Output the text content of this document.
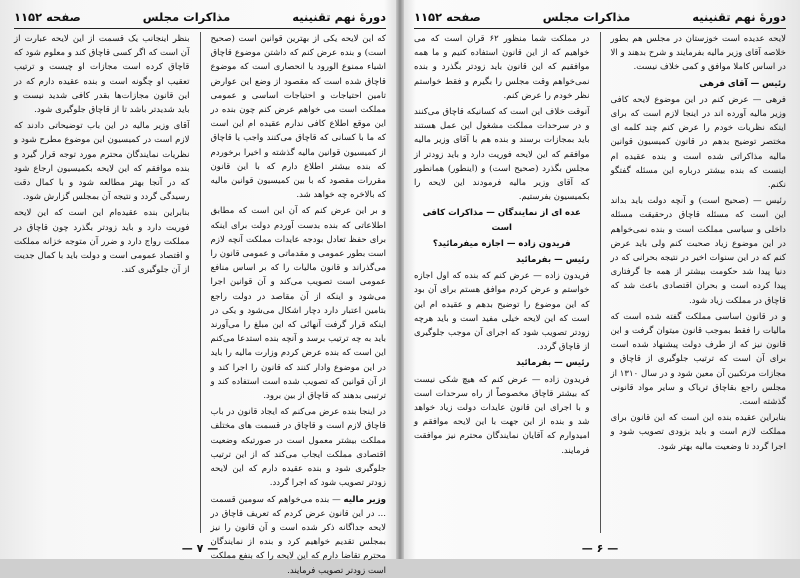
دورهٔ نهم تقنینیه
مذاکرات مجلس
صفحه ۱۱۵۲

که این لایحه یکی از بهترین قوانین است (صحیح است) و بنده عرض کنم که داشتن موضوع قاچاق اشیاء ممنوع الورود یا انحصاری است که موضوع قاچاق شده است که مقصود از وضع این عوارض تامین احتیاجات و احتیاجات اساسی و عمومی مملکت است می خواهم عرض کنم چون بنده در این موقع اطلاع کافی ندارم عقیده ام این است که ما با کسانی که قاچاق می‌کنند واجب یا قاچاق از کمیسیون قوانین مالیه گذشته و اخیرا برخوردم که بنده بیشتر اطلاع دارم که با این قانون مقررات مقصود که با بین کمیسیون قوانین مالیه که بالاخره چه خواهد شد.

و بر این عرض کنم که آن این است که مطابق اطلاعاتی که بنده بدست آوردم دولت برای اینکه برای حفظ تعادل بودجه عایدات مملکت آنچه لازم است بطور عمومی و مقدماتی و عمومی قانون را می‌گذراند و قانون مالیات را که بر اساس منافع عمومی است تصویب می‌کند و آن قوانین اجرا می‌شود و اینکه از آن مقاصد در دولت راجع بتامین اعتبار دارد دچار اشکال می‌شود و یکی در اینکه قرار گرفت آنهائی که این مبلغ را می‌آورند باید به چه ترتیب برسد و آنچه بنده استدعا می‌کنم این است که بنده عرض کردم وزارت مالیه را باید در این موضوع وادار کنند که قانون را اجرا کند و از آن قوانین که تصویب شده است استفاده کند و ترتیبی بدهند که قاچاق از بین برود.

در اینجا بنده عرض می‌کنم که ایجاد قانون در باب قاچاق لازم است و قاچاق در قسمت های مختلف مملکت بیشتر معمول است در صورتیکه وضعیت اقتصادی مملکت ایجاب می‌کند که از این ترتیب جلوگیری شود و بنده عقیده دارم که این لایحه زودتر تصویب شود که اجرا گردد.

وزیر مالیه — بنده می‌خواهم که سومین قسمت ... در این قانون عرض کردم که تعریف قاچاق در لایحه جداگانه ذکر شده است و آن قانون را نیز بمجلس تقدیم خواهیم کرد و بنده از نمایندگان محترم تقاضا دارم که این لایحه را که بنفع مملکت است زودتر تصویب فرمایند.

بنظر اینجانب یک قسمت از این لایحه عبارت از آن است که اگر کسی قاچاق کند و معلوم شود که قاچاق کرده است مجازات او چیست و ترتیب تعقیب او چگونه است و بنده عقیده دارم که در این قانون مجازات‌ها بقدر کافی شدید نیست و باید شدیدتر باشد تا از قاچاق جلوگیری شود.

آقای وزیر مالیه در این باب توضیحاتی دادند که لازم است در کمیسیون این موضوع مطرح شود و نظریات نمایندگان محترم مورد توجه قرار گیرد و بنده موافقم که این لایحه بکمیسیون ارجاع شود که در آنجا بهتر مطالعه شود و با کمال دقت رسیدگی گردد و نتیجه آن بمجلس گزارش شود.

بنابراین بنده عقیده‌ام این است که این لایحه فوریت دارد و باید زودتر بگذرد چون قاچاق در مملکت رواج دارد و ضرر آن متوجه خزانه مملکت و اقتصاد عمومی است و دولت باید با کمال جدیت از آن جلوگیری کند.

— ۷ —
دورهٔ نهم تقنینیه
مذاکرات مجلس
صفحه ۱۱۵۲

لایحه عدیده است خوزستان در مجلس هم بطور خلاصه آقای وزیر مالیه بفرمایند و شرح بدهند و الا در اساس کاملا موافق و کمی خلاف نیست.

رئیس — آقای فرهی

فرهی — عرض کنم در این موضوع لایحه کافی وزیر مالیه آورده اند در اینجا لازم است که برای اینکه نظریات خودم را عرض کنم چند کلمه ای مختصر توضیح بدهم در قانون کمیسیون قوانین مالیه مذاکراتی شده است و بنده عقیده ام اینست که بنده بیشتر درباره این مسئله گفتگو نکنم.

رئیس — (صحیح است) و آنچه دولت باید بداند این است که مسئله قاچاق درحقیقت مسئله داخلی و سیاسی مملکت است و بنده نمی‌خواهم در این موضوع زیاد صحبت کنم ولی باید عرض کنم که در این سنوات اخیر در نتیجه بحرانی که در دنیا پیدا شد حکومت بیشتر از همه جا گرفتاری پیدا کرده است و بحران اقتصادی باعث شد که قاچاق در مملکت زیاد شود.

و در قانون اساسی مملکت گفته شده است که مالیات را فقط بموجب قانون میتوان گرفت و این قانون نیز که از طرف دولت پیشنهاد شده است برای آن است که ترتیب جلوگیری از قاچاق و مجازات مرتکبین آن معین شود و در سال ۱۳۱۰ از مجلس راجع بقاچاق تریاک و سایر مواد قانونی گذشته است.

بنابراین عقیده بنده این است که این قانون برای مملکت لازم است و باید بزودی تصویب شود و اجرا گردد تا وضعیت مالیه بهتر شود.

در مملکت شما منظور ۶۲ قران است که می خواهیم که از این قانون استفاده کنیم و ما همه موافقیم که این قانون باید زودتر بگذرد و بنده نمی‌خواهم وقت مجلس را بگیرم و فقط خواستم نظر خودم را عرض کنم.

آنوقت خلاف این است که کسانیکه قاچاق می‌کنند و در سرحدات مملکت مشغول این عمل هستند باید بمجازات برسند و بنده هم با آقای وزیر مالیه موافقم که این لایحه فوریت دارد و باید زودتر از مجلس بگذرد (صحیح است) و (اینطور) همانطور که آقای وزیر مالیه فرمودند این لایحه را بکمیسیون بفرستیم.

عده ای از نمایندگان — مذاکرات کافی است

فریدون زاده — اجازه میفرمائید؟

رئیس — بفرمائید

فریدون زاده — عرض کنم که بنده که اول اجازه خواستم و عرض کردم موافق هستم برای آن بود که این موضوع را توضیح بدهم و عقیده ام این است که این لایحه خیلی مفید است و باید هرچه زودتر تصویب شود که اجرای آن موجب جلوگیری از قاچاق گردد.

رئیس — بفرمائید

فریدون زاده — عرض کنم که هیچ شکی نیست که بیشتر قاچاق مخصوصاً از راه سرحدات است و با اجرای این قانون عایدات دولت زیاد خواهد شد و بنده از این جهت با این لایحه موافقم و امیدوارم که آقایان نمایندگان محترم نیز موافقت فرمایند.

— ۶ —
